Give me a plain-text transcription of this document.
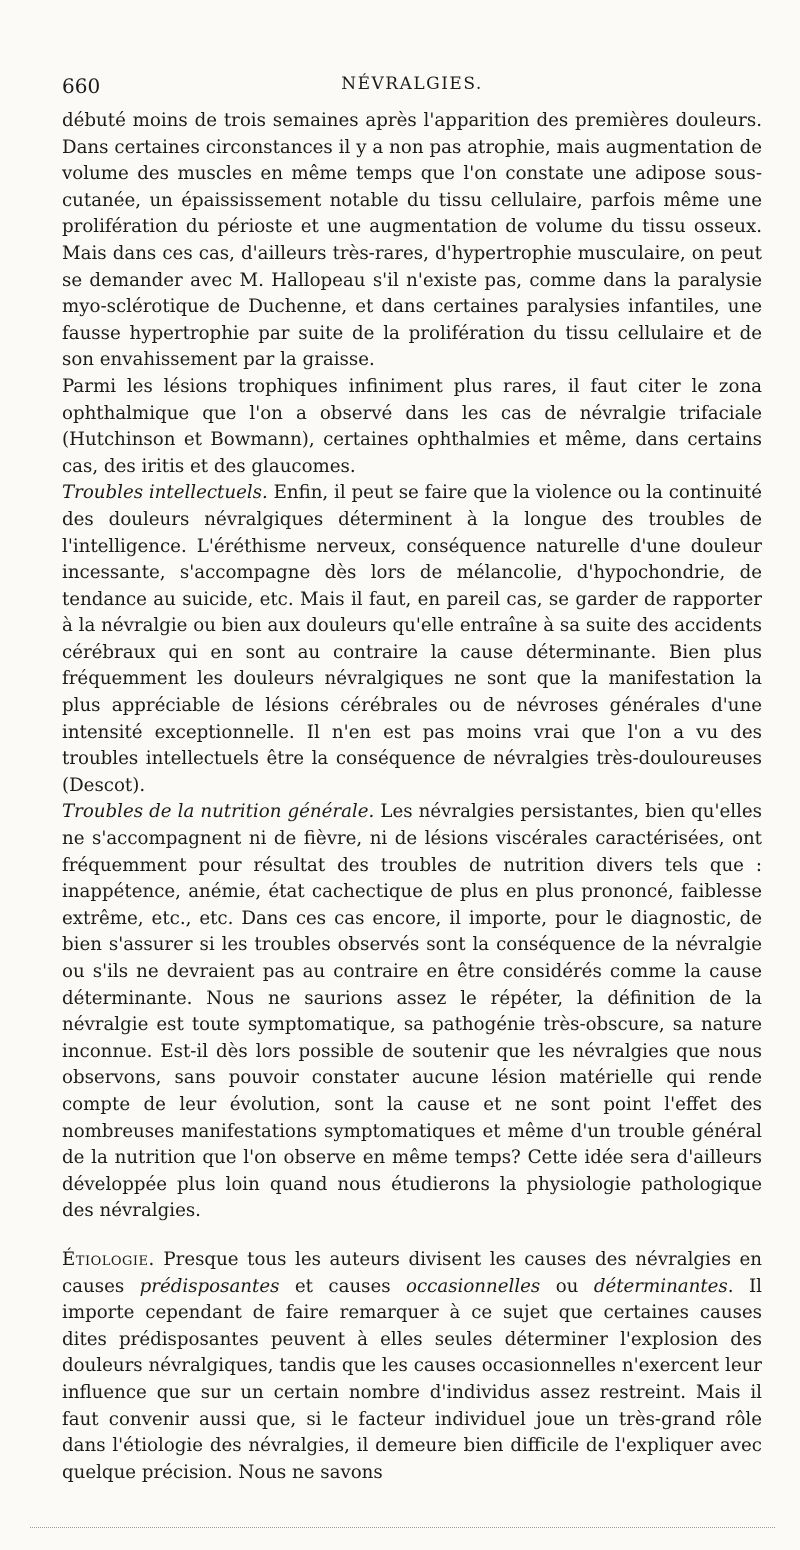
660	NÉVRALGIES.

débuté moins de trois semaines après l'apparition des premières douleurs. Dans certaines circonstances il y a non pas atrophie, mais augmentation de volume des muscles en même temps que l'on constate une adipose sous-cutanée, un épaississement notable du tissu cellulaire, parfois même une prolifération du périoste et une augmentation de volume du tissu osseux. Mais dans ces cas, d'ailleurs très-rares, d'hypertrophie musculaire, on peut se demander avec M. Hallopeau s'il n'existe pas, comme dans la paralysie myo-sclérotique de Duchenne, et dans certaines paralysies infantiles, une fausse hypertrophie par suite de la prolifération du tissu cellulaire et de son envahissement par la graisse.

Parmi les lésions trophiques infiniment plus rares, il faut citer le zona ophthalmique que l'on a observé dans les cas de névralgie trifaciale (Hutchinson et Bowmann), certaines ophthalmies et même, dans certains cas, des iritis et des glaucomes.

Troubles intellectuels. Enfin, il peut se faire que la violence ou la continuité des douleurs névralgiques déterminent à la longue des troubles de l'intelligence. L'éréthisme nerveux, conséquence naturelle d'une douleur incessante, s'accompagne dès lors de mélancolie, d'hypochondrie, de tendance au suicide, etc. Mais il faut, en pareil cas, se garder de rapporter à la névralgie ou bien aux douleurs qu'elle entraîne à sa suite des accidents cérébraux qui en sont au contraire la cause déterminante. Bien plus fréquemment les douleurs névralgiques ne sont que la manifestation la plus appréciable de lésions cérébrales ou de névroses générales d'une intensité exceptionnelle. Il n'en est pas moins vrai que l'on a vu des troubles intellectuels être la conséquence de névralgies très-douloureuses (Descot).

Troubles de la nutrition générale. Les névralgies persistantes, bien qu'elles ne s'accompagnent ni de fièvre, ni de lésions viscérales caractérisées, ont fréquemment pour résultat des troubles de nutrition divers tels que : inappétence, anémie, état cachectique de plus en plus prononcé, faiblesse extrême, etc., etc. Dans ces cas encore, il importe, pour le diagnostic, de bien s'assurer si les troubles observés sont la conséquence de la névralgie ou s'ils ne devraient pas au contraire en être considérés comme la cause déterminante. Nous ne saurions assez le répéter, la définition de la névralgie est toute symptomatique, sa pathogénie très-obscure, sa nature inconnue. Est-il dès lors possible de soutenir que les névralgies que nous observons, sans pouvoir constater aucune lésion matérielle qui rende compte de leur évolution, sont la cause et ne sont point l'effet des nombreuses manifestations symptomatiques et même d'un trouble général de la nutrition que l'on observe en même temps? Cette idée sera d'ailleurs développée plus loin quand nous étudierons la physiologie pathologique des névralgies.

Étiologie. Presque tous les auteurs divisent les causes des névralgies en causes prédisposantes et causes occasionnelles ou déterminantes. Il importe cependant de faire remarquer à ce sujet que certaines causes dites prédisposantes peuvent à elles seules déterminer l'explosion des douleurs névralgiques, tandis que les causes occasionnelles n'exercent leur influence que sur un certain nombre d'individus assez restreint. Mais il faut convenir aussi que, si le facteur individuel joue un très-grand rôle dans l'étiologie des névralgies, il demeure bien difficile de l'expliquer avec quelque précision. Nous ne savons
